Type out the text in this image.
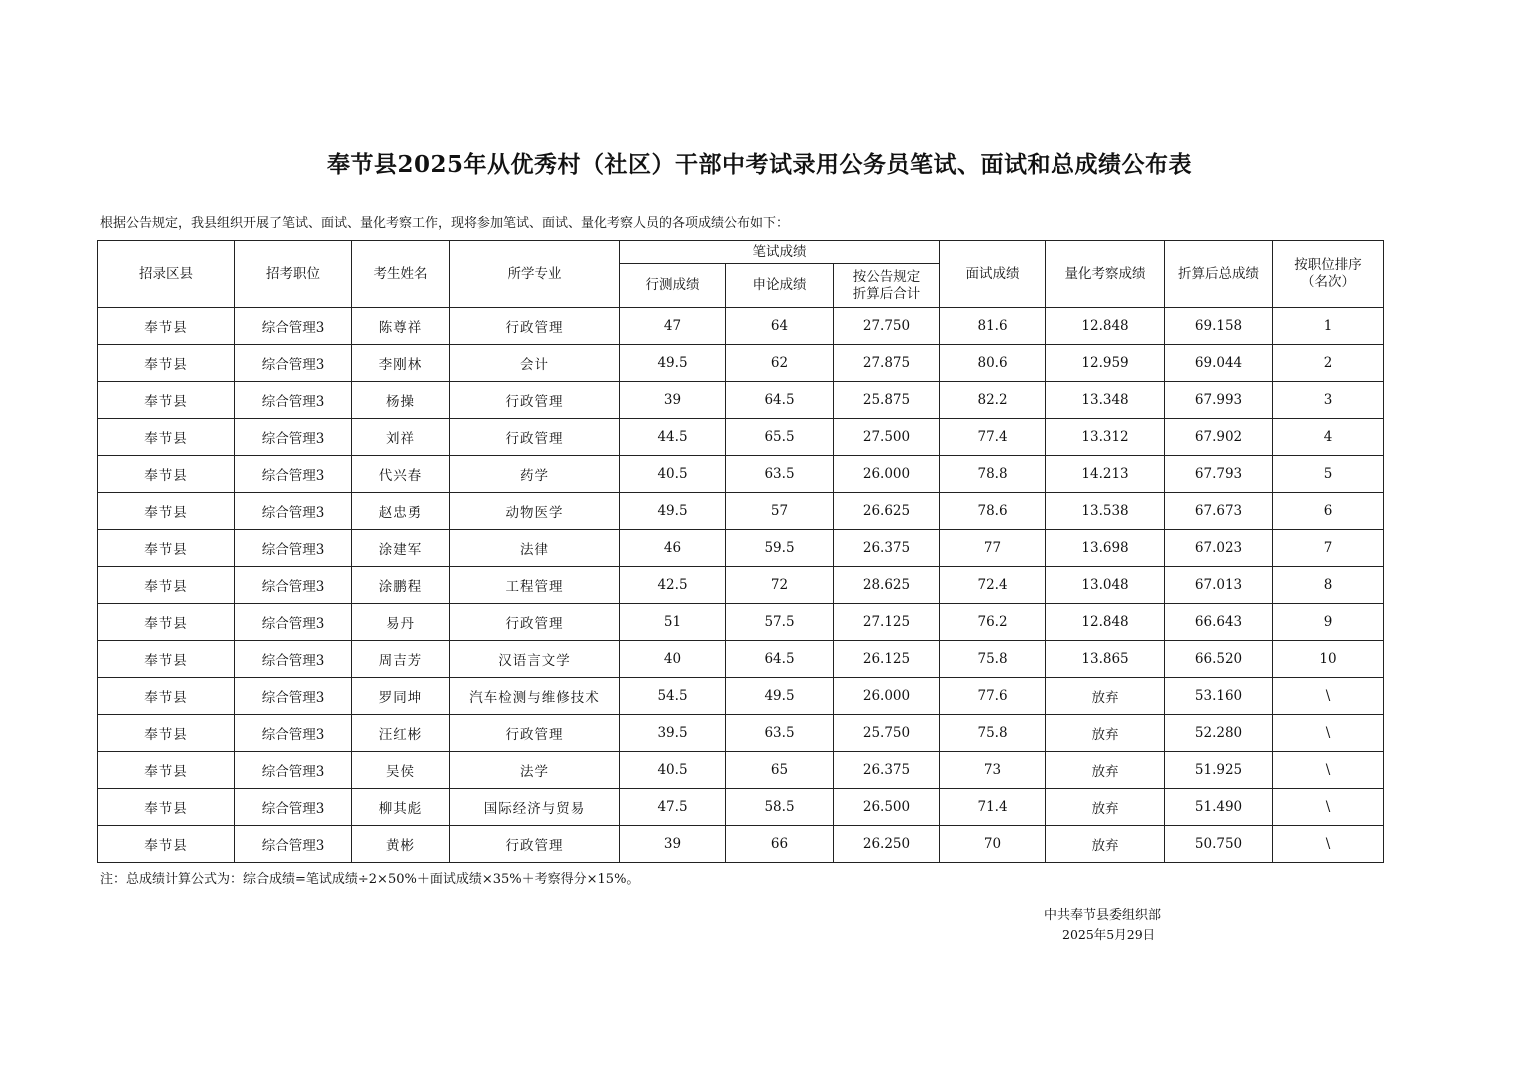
奉节县2025年从优秀村（社区）干部中考试录用公务员笔试、面试和总成绩公布表

根据公告规定，我县组织开展了笔试、面试、量化考察工作，现将参加笔试、面试、量化考察人员的各项成绩公布如下：

招录区县	招考职位	考生姓名	所学专业	笔试成绩			面试成绩	量化考察成绩	折算后总成绩	按职位排序
（名次）
				行测成绩	申论成绩	按公告规定
折算后合计				
奉节县	综合管理3	陈尊祥	行政管理	47	64	27.750	81.6	12.848	69.158	1
奉节县	综合管理3	李刚林	会计	49.5	62	27.875	80.6	12.959	69.044	2
奉节县	综合管理3	杨操	行政管理	39	64.5	25.875	82.2	13.348	67.993	3
奉节县	综合管理3	刘祥	行政管理	44.5	65.5	27.500	77.4	13.312	67.902	4
奉节县	综合管理3	代兴春	药学	40.5	63.5	26.000	78.8	14.213	67.793	5
奉节县	综合管理3	赵忠勇	动物医学	49.5	57	26.625	78.6	13.538	67.673	6
奉节县	综合管理3	涂建军	法律	46	59.5	26.375	77	13.698	67.023	7
奉节县	综合管理3	涂鹏程	工程管理	42.5	72	28.625	72.4	13.048	67.013	8
奉节县	综合管理3	易丹	行政管理	51	57.5	27.125	76.2	12.848	66.643	9
奉节县	综合管理3	周吉芳	汉语言文学	40	64.5	26.125	75.8	13.865	66.520	10
奉节县	综合管理3	罗同坤	汽车检测与维修技术	54.5	49.5	26.000	77.6	放弃	53.160	\
奉节县	综合管理3	汪红彬	行政管理	39.5	63.5	25.750	75.8	放弃	52.280	\
奉节县	综合管理3	吴侯	法学	40.5	65	26.375	73	放弃	51.925	\
奉节县	综合管理3	柳其彪	国际经济与贸易	47.5	58.5	26.500	71.4	放弃	51.490	\
奉节县	综合管理3	黄彬	行政管理	39	66	26.250	70	放弃	50.750	\

注：总成绩计算公式为：综合成绩=笔试成绩÷2×50%＋面试成绩×35%＋考察得分×15%。

中共奉节县委组织部

2025年5月29日
